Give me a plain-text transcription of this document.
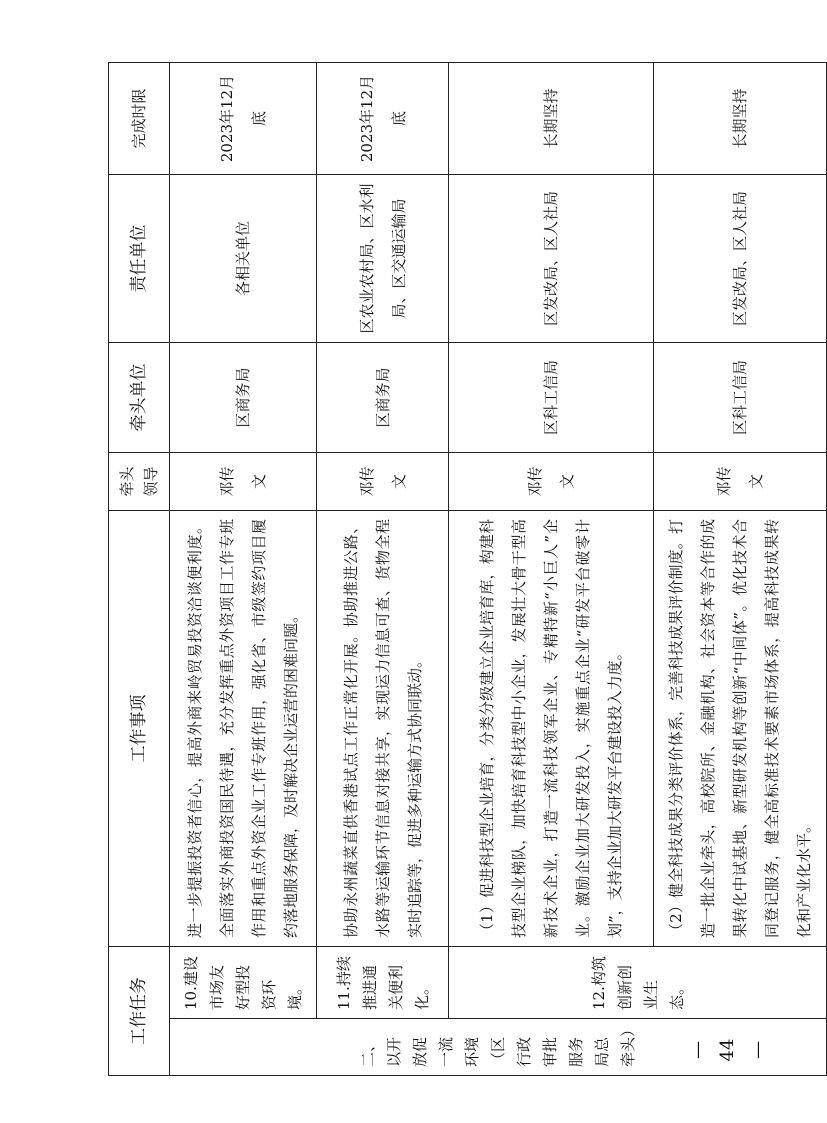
工作任务		工作事项	牵头领导	牵头单位	责任单位	完成时限
二、以开放促一流环境（区行政审批服务局总牵头）	10.建设市场友好型投资环境。	进一步提振投资者信心，提高外商来岭贸易投资洽谈便利度。全面落实外商投资国民待遇，充分发挥重点外资项目工作专班作用和重点外资企业工作专班作用，强化省、市级签约项目履约落地服务保障，及时解决企业运营的困难问题。	邓传文	区商务局	各相关单位	2023年12月底
	11.持续推进通关便利化。	协助永州蔬菜直供香港试点工作正常化开展。协助推进公路、水路等运输环节信息对接共享，实现运力信息可查、货物全程实时追踪等，促进多种运输方式协同联动。	邓传文	区商务局	区农业农村局、区水利局、区交通运输局	2023年12月底
	12.构筑创新创业生态。	（1）促进科技型企业培育，分类分级建立企业培育库，构建科技型企业梯队，加快培育科技型中小企业，发展壮大骨干型高新技术企业，打造一流科技领军企业、专精特新“小巨人”企业。激励企业加大研发投入，实施重点企业“研发平台破零计划”，支持企业加大研发平台建设投入力度。	邓传文	区科工信局	区发改局、区人社局	长期坚持
		（2）健全科技成果分类评价体系，完善科技成果评价制度。打造一批企业牵头，高校院所、金融机构、社会资本等合作的成果转化中试基地、新型研发机构等创新“中间体”。优化技术合同登记服务，健全高标准技术要素市场体系，提高科技成果转化和产业化水平。	邓传文	区科工信局	区发改局、区人社局	长期坚持
— 44 —
